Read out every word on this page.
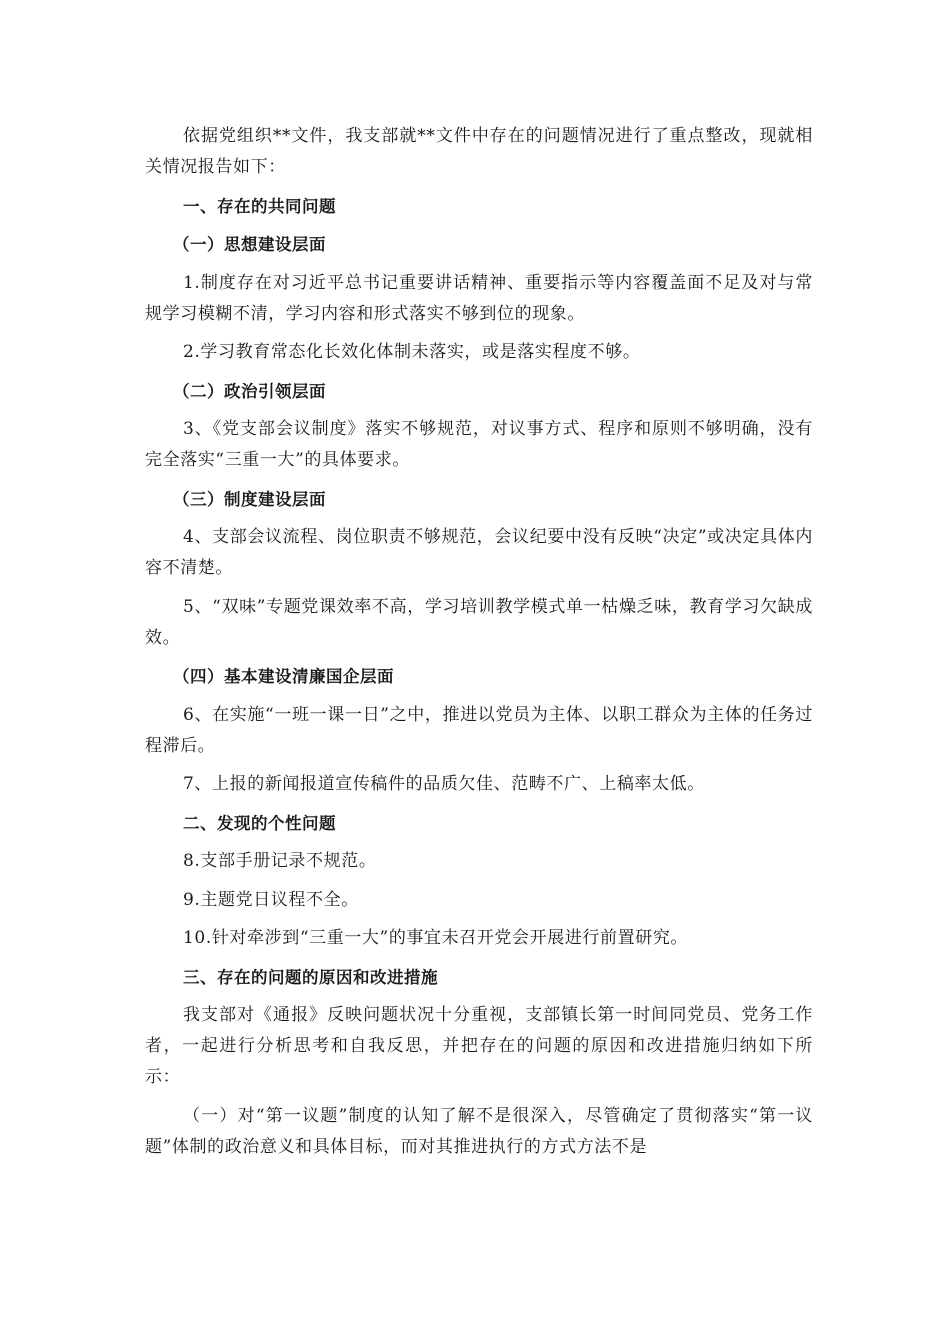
依据党组织**文件，我支部就**文件中存在的问题情况进行了重点整改，现就相关情况报告如下：

一、存在的共同问题

（一）思想建设层面

1.制度存在对习近平总书记重要讲话精神、重要指示等内容覆盖面不足及对与常规学习模糊不清，学习内容和形式落实不够到位的现象。

2.学习教育常态化长效化体制未落实，或是落实程度不够。

（二）政治引领层面

3、《党支部会议制度》落实不够规范，对议事方式、程序和原则不够明确，没有完全落实“三重一大”的具体要求。

（三）制度建设层面

4、支部会议流程、岗位职责不够规范，会议纪要中没有反映“决定”或决定具体内容不清楚。

5、“双味”专题党课效率不高，学习培训教学模式单一枯燥乏味，教育学习欠缺成效。

（四）基本建设清廉国企层面

6、在实施“一班一课一日”之中，推进以党员为主体、以职工群众为主体的任务过程滞后。

7、上报的新闻报道宣传稿件的品质欠佳、范畴不广、上稿率太低。

二、发现的个性问题

8.支部手册记录不规范。

9.主题党日议程不全。

10.针对牵涉到“三重一大”的事宜未召开党会开展进行前置研究。

三、存在的问题的原因和改进措施

我支部对《通报》反映问题状况十分重视，支部镇长第一时间同党员、党务工作者，一起进行分析思考和自我反思，并把存在的问题的原因和改进措施归纳如下所示：

（一）对“第一议题”制度的认知了解不是很深入，尽管确定了贯彻落实“第一议题”体制的政治意义和具体目标，而对其推进执行的方式方法不是
